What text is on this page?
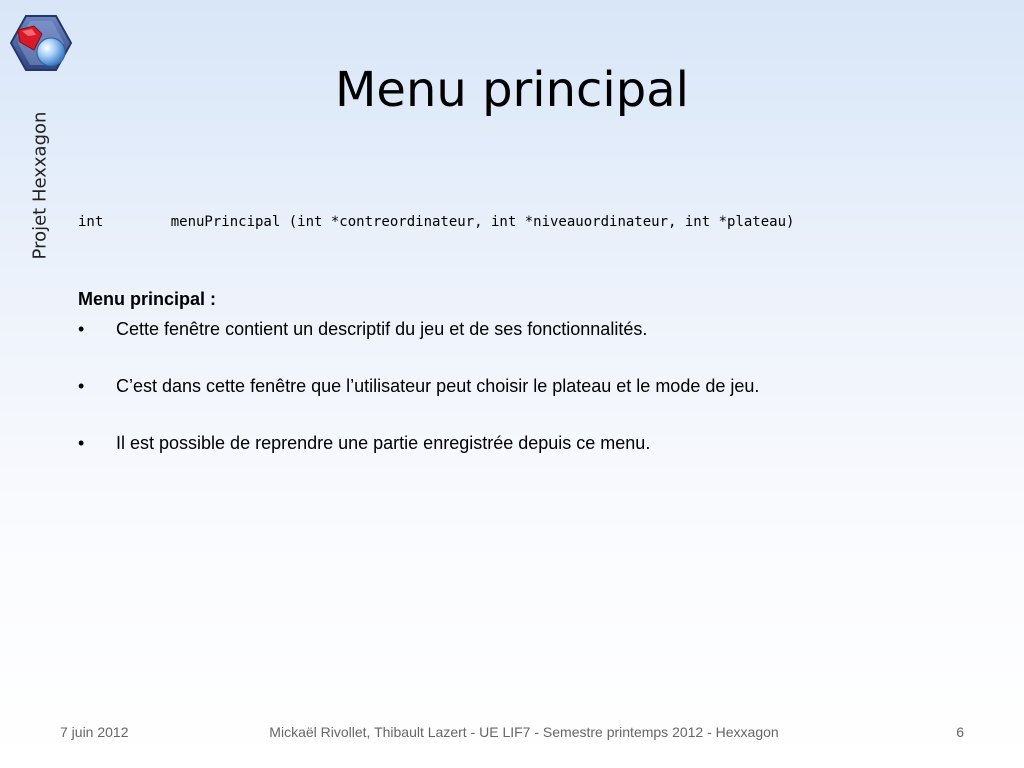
Projet Hexxagon
Menu principal
int        menuPrincipal (int *contreordinateur, int *niveauordinateur, int *plateau)
Menu principal :
• Cette fenêtre contient un descriptif du jeu et de ses fonctionnalités.
• C’est dans cette fenêtre que l’utilisateur peut choisir le plateau et le mode de jeu.
• Il est possible de reprendre une partie enregistrée depuis ce menu.
7 juin 2012	Mickaël Rivollet, Thibault Lazert - UE LIF7 - Semestre printemps 2012 - Hexxagon	6
